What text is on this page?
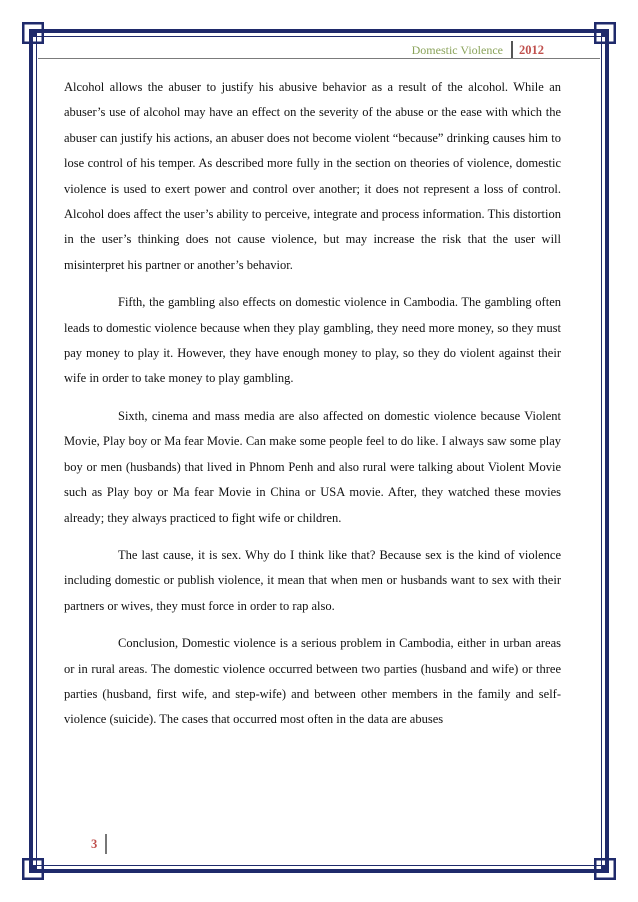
Domestic Violence 2012

Alcohol allows the abuser to justify his abusive behavior as a result of the alcohol. While an abuser’s use of alcohol may have an effect on the severity of the abuse or the ease with which the abuser can justify his actions, an abuser does not become violent “because” drinking causes him to lose control of his temper. As described more fully in the section on theories of violence, domestic violence is used to exert power and control over another; it does not represent a loss of control. Alcohol does affect the user’s ability to perceive, integrate and process information. This distortion in the user’s thinking does not cause violence, but may increase the risk that the user will misinterpret his partner or another’s behavior.

Fifth, the gambling also effects on domestic violence in Cambodia. The gambling often leads to domestic violence because when they play gambling, they need more money, so they must pay money to play it. However, they have enough money to play, so they do violent against their wife in order to take money to play gambling.

Sixth, cinema and mass media are also affected on domestic violence because Violent Movie, Play boy or Ma fear Movie. Can make some people feel to do like. I always saw some play boy or men (husbands) that lived in Phnom Penh and also rural were talking about Violent Movie such as Play boy or Ma fear Movie in China or USA movie. After, they watched these movies already; they always practiced to fight wife or children.

The last cause, it is sex. Why do I think like that? Because sex is the kind of violence including domestic or publish violence, it mean that when men or husbands want to sex with their partners or wives, they must force in order to rap also.

Conclusion, Domestic violence is a serious problem in Cambodia, either in urban areas or in rural areas. The domestic violence occurred between two parties (husband and wife) or three parties (husband, first wife, and step-wife) and between other members in the family and self-violence (suicide). The cases that occurred most often in the data are abuses

3
